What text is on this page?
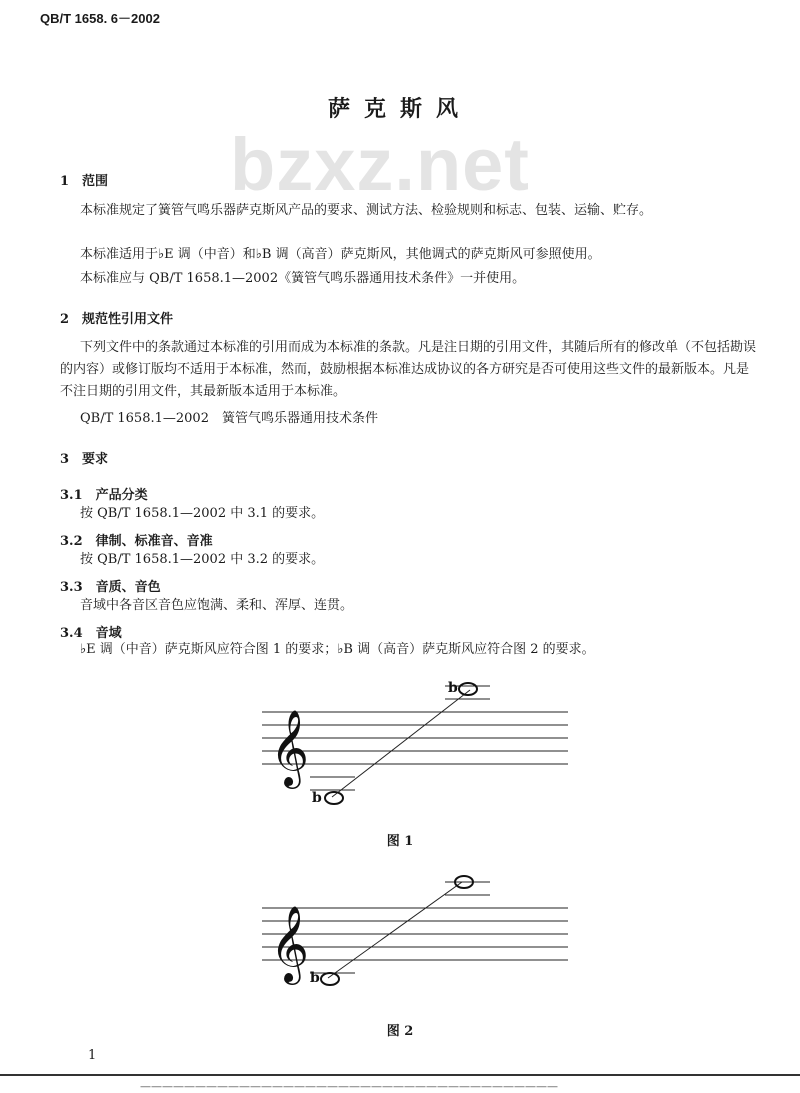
QB/T 1658. 6－2002
bzxz.net
萨克斯风
1　范围
本标准规定了簧管气鸣乐器萨克斯风产品的要求、测试方法、检验规则和标志、包装、运输、贮存。
本标准适用于♭E 调（中音）和♭B 调（高音）萨克斯风，其他调式的萨克斯风可参照使用。
本标准应与 QB/T 1658.1—2002《簧管气鸣乐器通用技术条件》一并使用。
2　规范性引用文件
下列文件中的条款通过本标准的引用而成为本标准的条款。凡是注日期的引用文件，其随后所有的修改单（不包括勘误的内容）或修订版均不适用于本标准，然而，鼓励根据本标准达成协议的各方研究是否可使用这些文件的最新版本。凡是不注日期的引用文件，其最新版本适用于本标准。
QB/T 1658.1—2002　簧管气鸣乐器通用技术条件
3　要求
3.1　产品分类
按 QB/T 1658.1—2002 中 3.1 的要求。
3.2　律制、标准音、音准
按 QB/T 1658.1—2002 中 3.2 的要求。
3.3　音质、音色
音域中各音区音色应饱满、柔和、浑厚、连贯。
3.4　音域
♭E 调（中音）萨克斯风应符合图 1 的要求；♭B 调（高音）萨克斯风应符合图 2 的要求。
𝄞
b
b
图 1
𝄞 b
图 2
1
——————————————————————————————————————
